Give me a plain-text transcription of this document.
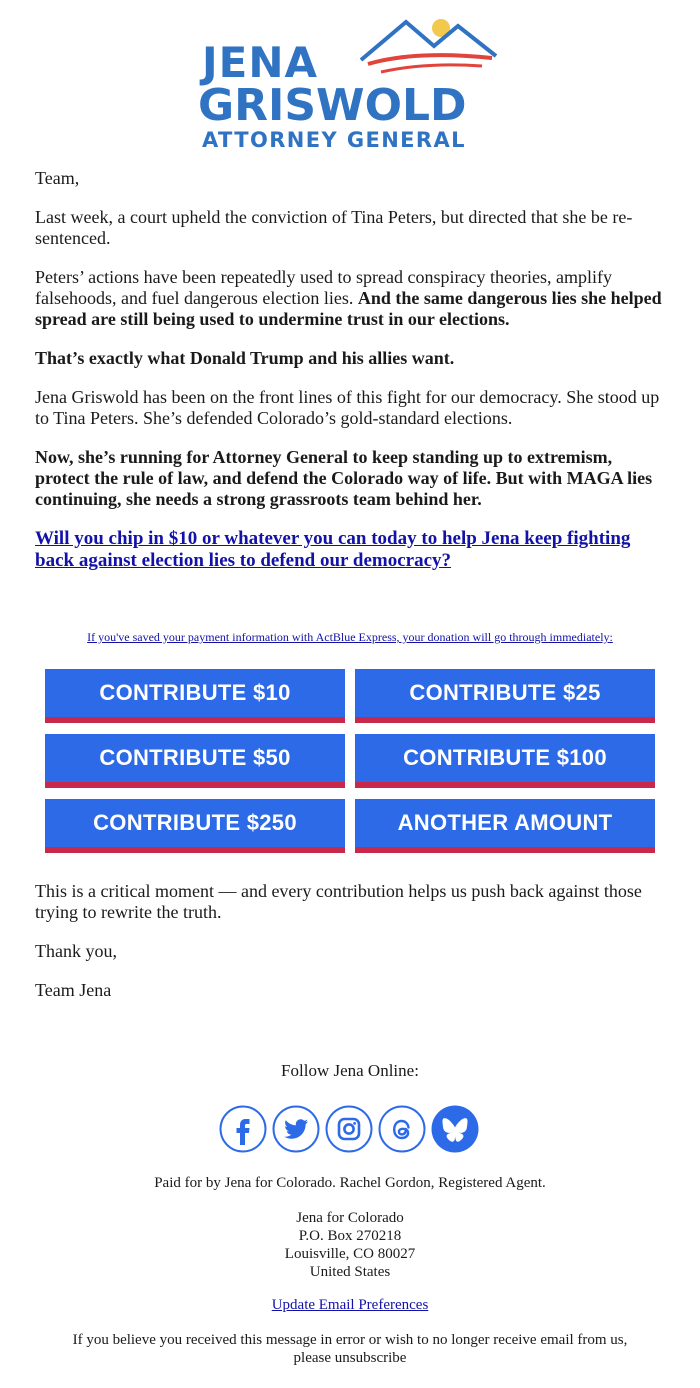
JENA
GRISWOLD
ATTORNEY GENERAL

Team,

Last week, a court upheld the conviction of Tina Peters, but directed that she be re-sentenced.

Peters’ actions have been repeatedly used to spread conspiracy theories, amplify falsehoods, and fuel dangerous election lies. And the same dangerous lies she helped spread are still being used to undermine trust in our elections.

That’s exactly what Donald Trump and his allies want.

Jena Griswold has been on the front lines of this fight for our democracy. She stood up to Tina Peters. She’s defended Colorado’s gold-standard elections.

Now, she’s running for Attorney General to keep standing up to extremism, protect the rule of law, and defend the Colorado way of life. But with MAGA lies continuing, she needs a strong grassroots team behind her.

Will you chip in $10 or whatever you can today to help Jena keep fighting back against election lies to defend our democracy?
If you've saved your payment information with ActBlue Express, your donation will go through immediately:
CONTRIBUTE $10	CONTRIBUTE $25
CONTRIBUTE $50	CONTRIBUTE $100
CONTRIBUTE $250	ANOTHER AMOUNT

This is a critical moment — and every contribution helps us push back against those trying to rewrite the truth.

Thank you,

Team Jena

Follow Jena Online:
Paid for by Jena for Colorado. Rachel Gordon, Registered Agent.
Jena for Colorado
P.O. Box 270218
Louisville, CO 80027
United States
Update Email Preferences
If you believe you received this message in error or wish to no longer receive email from us,
please unsubscribe
